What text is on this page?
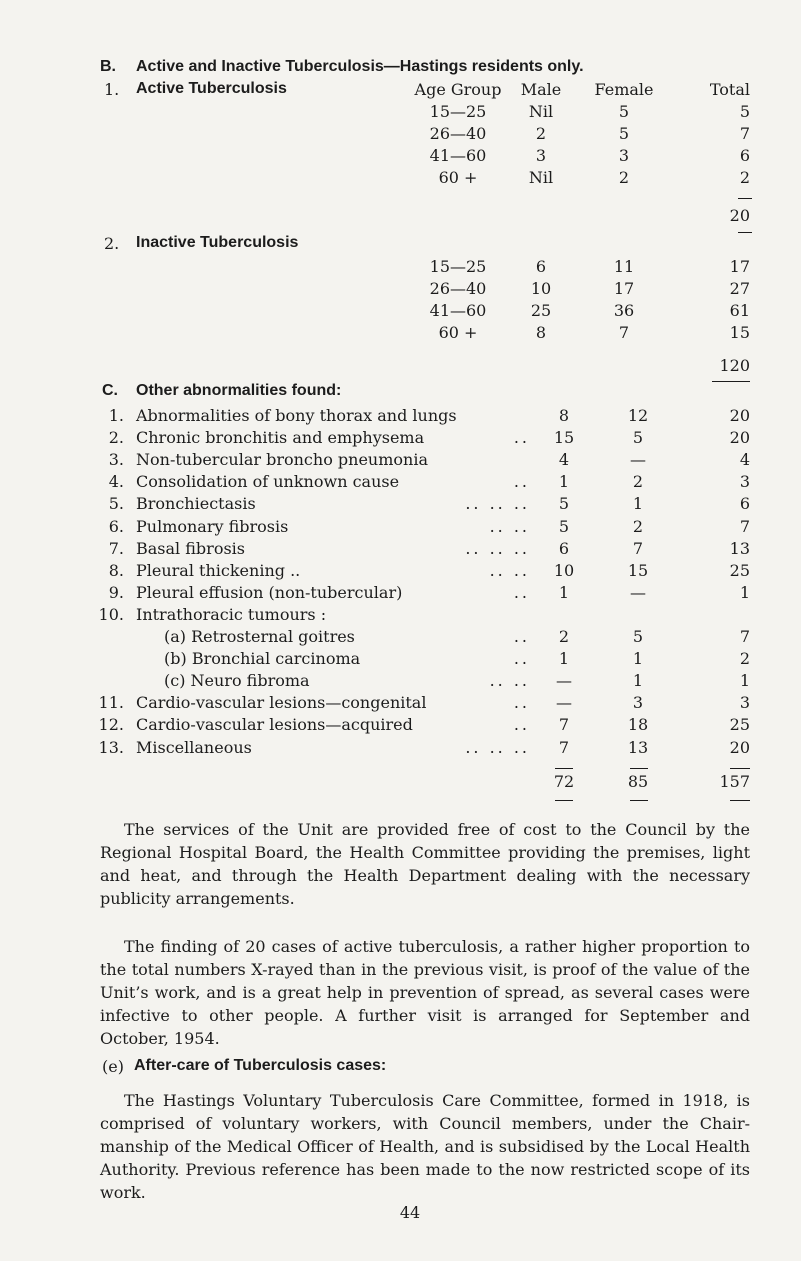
B. Active and Inactive Tuberculosis—Hastings residents only.
1. Active Tuberculosis	Age Group	Male	Female	Total
15—25	Nil	5	5
26—40	2	5	7
41—60	3	3	6
60 +	Nil	2	2
20
2. Inactive Tuberculosis
15—25	6	11	17
26—40	10	17	27
41—60	25	36	61
60 +	8	7	15
120
C. Other abnormalities found:
1. Abnormalities of bony thorax and lungs	8	12	20
2. Chronic bronchitis and emphysema	..	15	5	20
3. Non-tubercular broncho pneumonia	4	—	4
4. Consolidation of unknown cause	..	1	2	3
5. Bronchiectasis	.. .. ..	5	1	6
6. Pulmonary fibrosis	.. ..	5	2	7
7. Basal fibrosis	.. .. ..	6	7	13
8. Pleural thickening ..	.. ..	10	15	25
9. Pleural effusion (non-tubercular)	..	1	—	1
10. Intrathoracic tumours :
(a) Retrosternal goitres	..	2	5	7
(b) Bronchial carcinoma	..	1	1	2
(c) Neuro fibroma	.. ..	—	1	1
11. Cardio-vascular lesions—congenital	..	—	3	3
12. Cardio-vascular lesions—acquired	..	7	18	25
13. Miscellaneous	.. .. ..	7	13	20
72	85	157
The services of the Unit are provided free of cost to the Council by the Regional Hospital Board, the Health Committee providing the premises, light and heat, and through the Health Department dealing with the necessary publicity arrangements.
The finding of 20 cases of active tuberculosis, a rather higher proportion to the total numbers X-rayed than in the previous visit, is proof of the value of the Unit’s work, and is a great help in prevention of spread, as several cases were infective to other people. A further visit is arranged for September and October, 1954.
(e) After-care of Tuberculosis cases:
The Hastings Voluntary Tuberculosis Care Committee, formed in 1918, is comprised of voluntary workers, with Council members, under the Chair-manship of the Medical Officer of Health, and is subsidised by the Local Health Authority. Previous reference has been made to the now restricted scope of its work.
44
